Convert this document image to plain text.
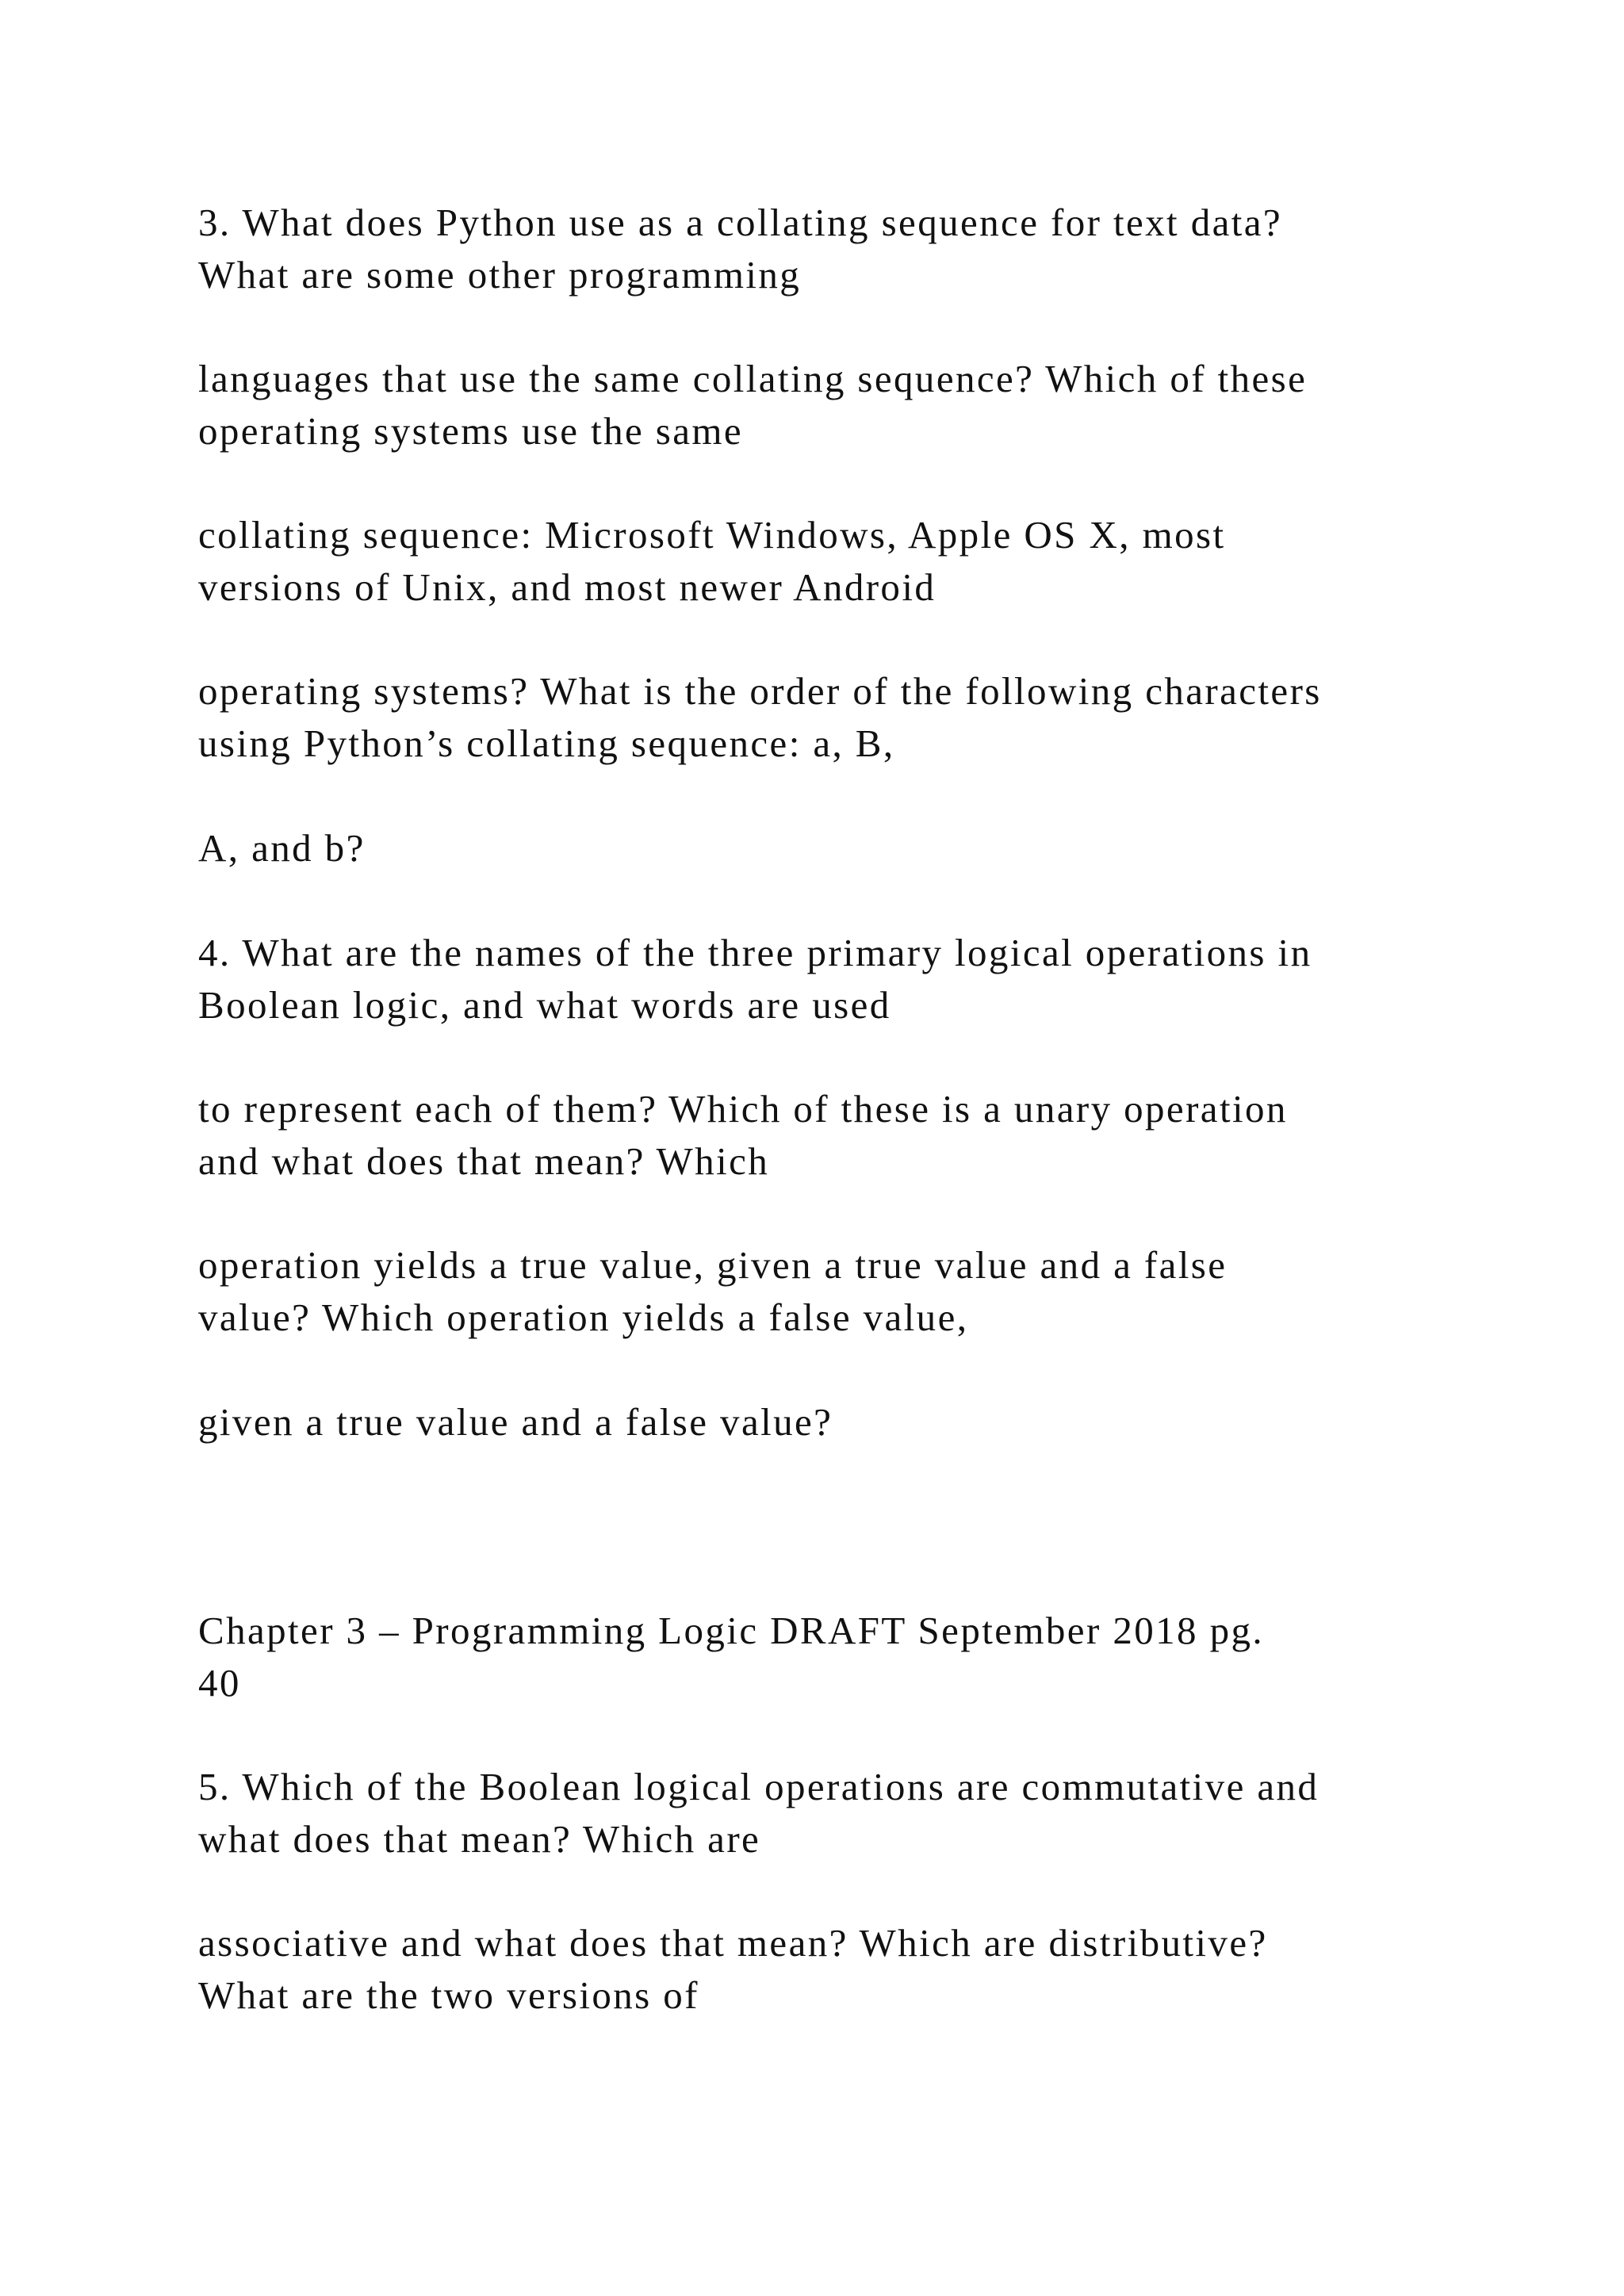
3. What does Python use as a collating sequence for text data?
What are some other programming

languages that use the same collating sequence? Which of these
operating systems use the same

collating sequence: Microsoft Windows, Apple OS X, most
versions of Unix, and most newer Android

operating systems? What is the order of the following characters
using Python’s collating sequence: a, B,

A, and b?

4. What are the names of the three primary logical operations in
Boolean logic, and what words are used

to represent each of them? Which of these is a unary operation
and what does that mean? Which

operation yields a true value, given a true value and a false
value? Which operation yields a false value,

given a true value and a false value?

Chapter 3 – Programming Logic DRAFT September 2018 pg.
40

5. Which of the Boolean logical operations are commutative and
what does that mean? Which are

associative and what does that mean? Which are distributive?
What are the two versions of
